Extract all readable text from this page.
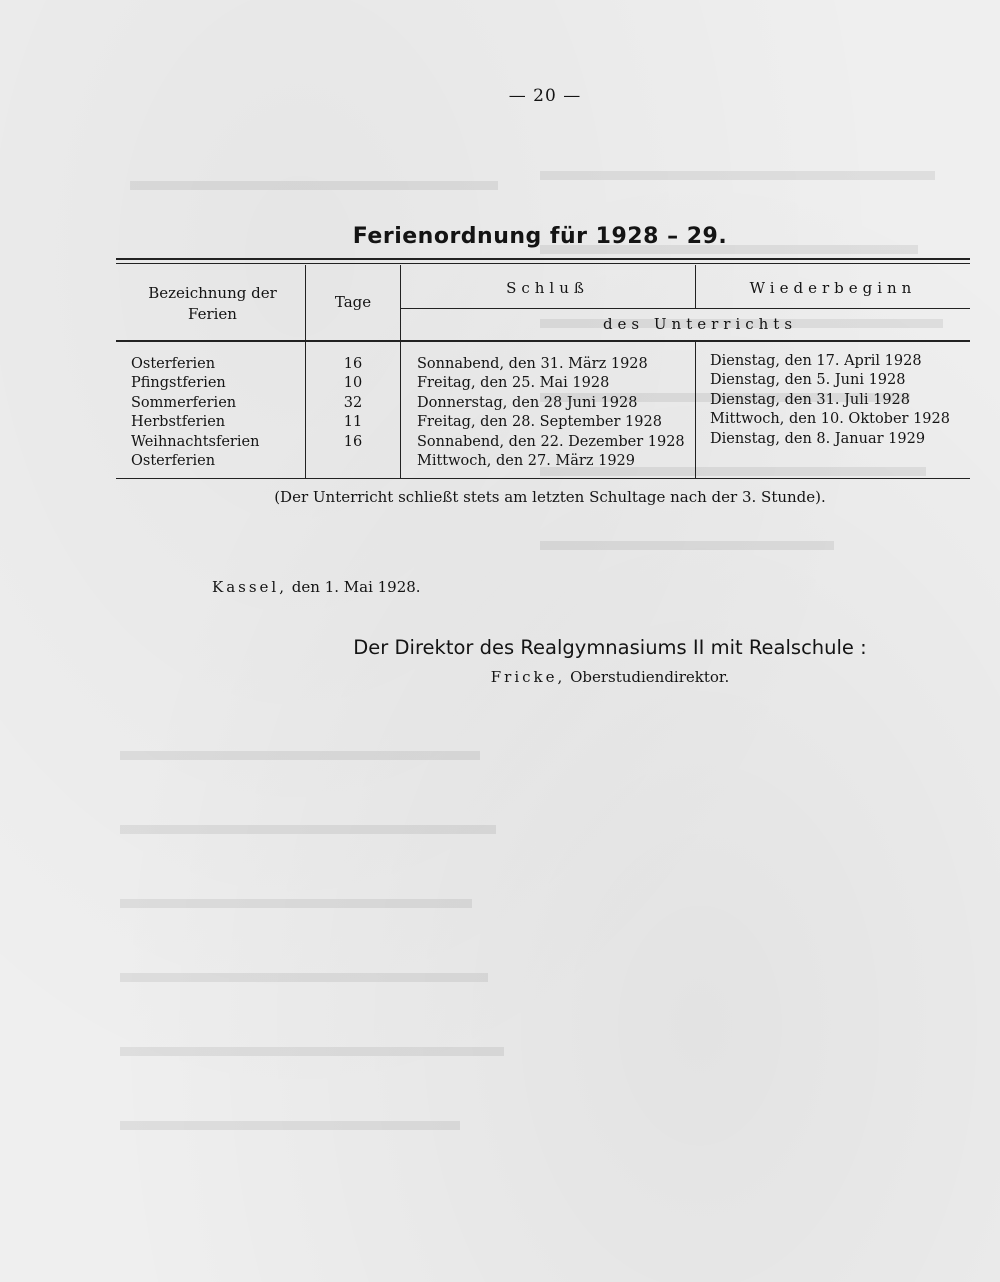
— 20 —
Ferienordnung für 1928 – 29.
Bezeichnung der
Ferien
Tage
Schluß	Wiederbeginn
des Unterrichts
Osterferien
Pfingstferien
Sommerferien
Herbstferien
Weihnachtsferien
Osterferien
16
10
32
11
16
Sonnabend, den 31. März 1928
Freitag, den 25. Mai 1928
Donnerstag, den 28 Juni 1928
Freitag, den 28. September 1928
Sonnabend, den 22. Dezember 1928
Mittwoch, den 27. März 1929
Dienstag, den 17. April 1928
Dienstag, den 5. Juni 1928
Dienstag, den 31. Juli 1928
Mittwoch, den 10. Oktober 1928
Dienstag, den 8. Januar 1929
(Der Unterricht schließt stets am letzten Schultage nach der 3. Stunde).
Kassel, den 1. Mai 1928.
Der Direktor des Realgymnasiums II mit Realschule :
Fricke, Oberstudiendirektor.
